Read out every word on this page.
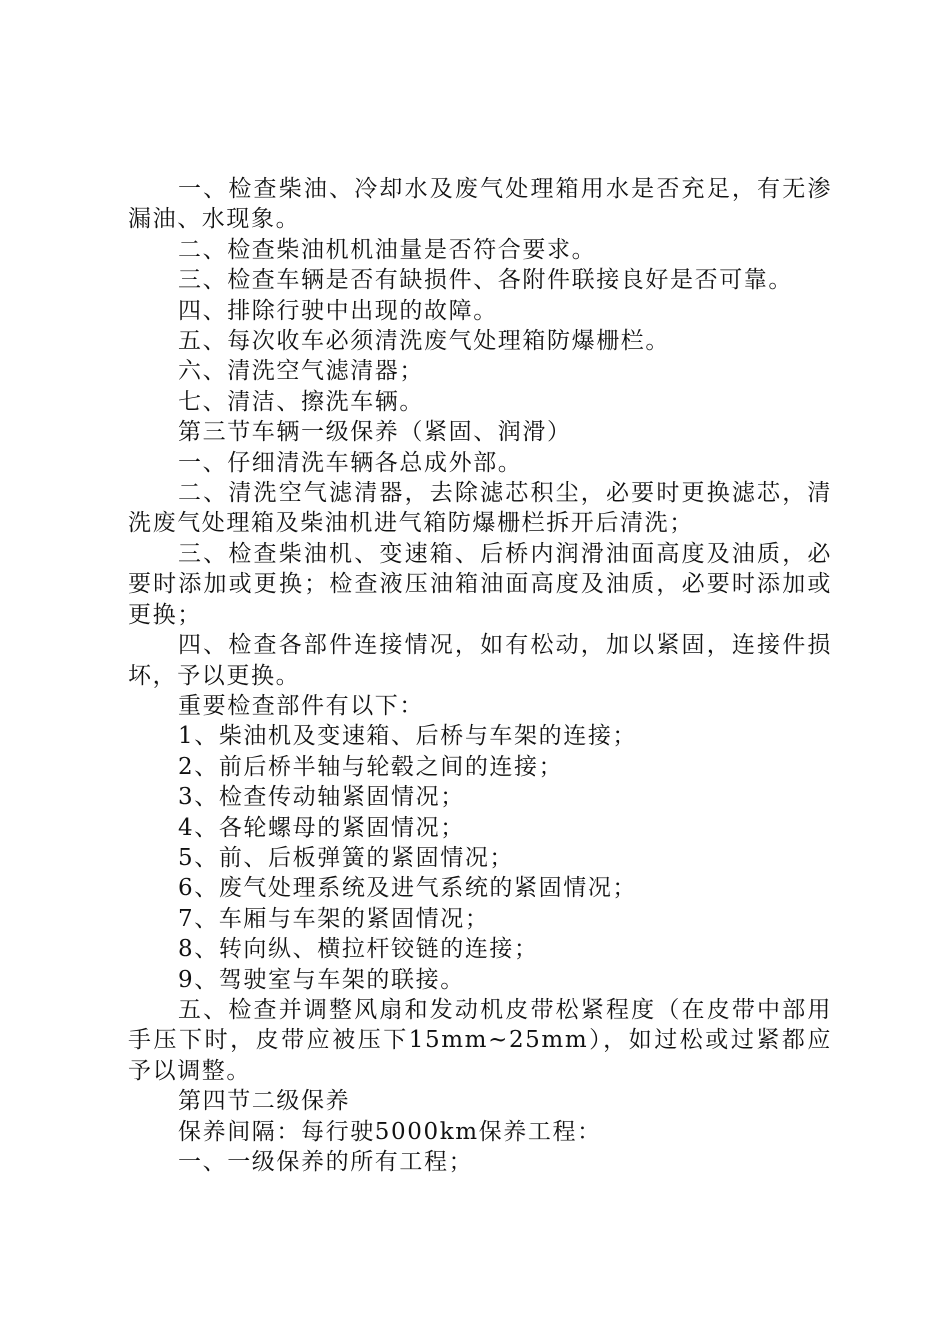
一、检查柴油、冷却水及废气处理箱用水是否充足，有无渗漏油、水现象。

二、检查柴油机机油量是否符合要求。

三、检查车辆是否有缺损件、各附件联接良好是否可靠。

四、排除行驶中出现的故障。

五、每次收车必须清洗废气处理箱防爆栅栏。

六、清洗空气滤清器；

七、清洁、擦洗车辆。

第三节车辆一级保养（紧固、润滑）

一、仔细清洗车辆各总成外部。

二、清洗空气滤清器，去除滤芯积尘，必要时更换滤芯，清洗废气处理箱及柴油机进气箱防爆栅栏拆开后清洗；

三、检查柴油机、变速箱、后桥内润滑油面高度及油质，必要时添加或更换；检查液压油箱油面高度及油质，必要时添加或更换；

四、检查各部件连接情况，如有松动，加以紧固，连接件损坏，予以更换。

重要检查部件有以下：

1、柴油机及变速箱、后桥与车架的连接；

2、前后桥半轴与轮毂之间的连接；

3、检查传动轴紧固情况；

4、各轮螺母的紧固情况；

5、前、后板弹簧的紧固情况；

6、废气处理系统及进气系统的紧固情况；

7、车厢与车架的紧固情况；

8、转向纵、横拉杆铰链的连接；

9、驾驶室与车架的联接。

五、检查并调整风扇和发动机皮带松紧程度（在皮带中部用手压下时，皮带应被压下15mm~25mm），如过松或过紧都应予以调整。

第四节二级保养

保养间隔：每行驶5000km保养工程：

一、一级保养的所有工程；
